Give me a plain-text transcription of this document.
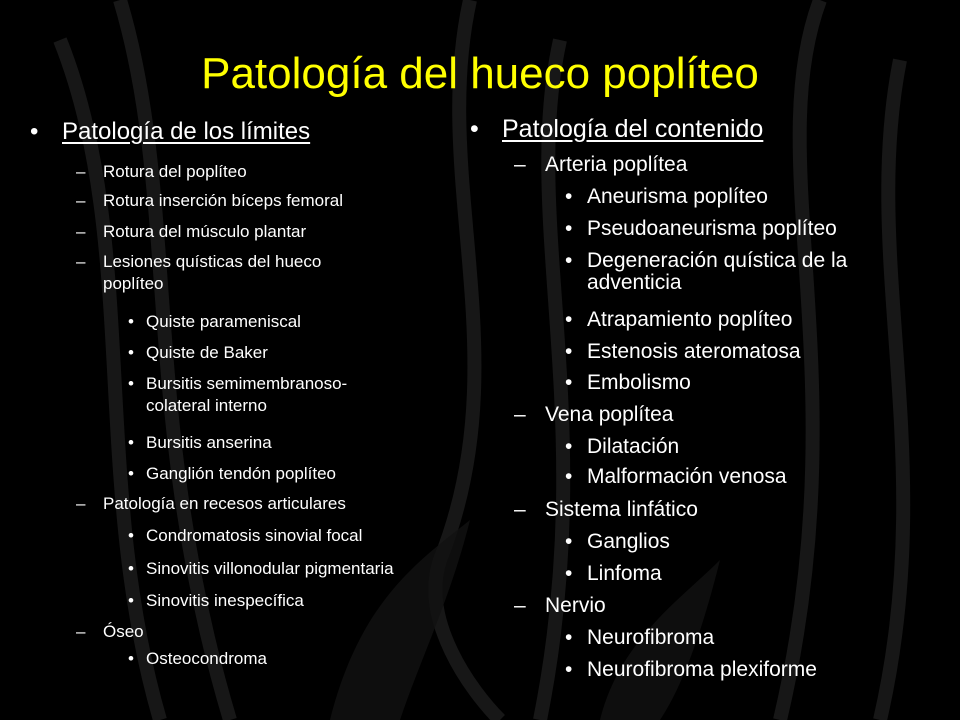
Patología del hueco poplíteo
• Patología de los límites
– Rotura del poplíteo
– Rotura inserción bíceps femoral
– Rotura del músculo plantar
– Lesiones quísticas del hueco
poplíteo
• Quiste parameniscal
• Quiste de Baker
• Bursitis semimembranoso-
colateral interno
• Bursitis anserina
• Ganglión tendón poplíteo
– Patología en recesos articulares
• Condromatosis sinovial focal
• Sinovitis villonodular pigmentaria
• Sinovitis inespecífica
– Óseo
• Osteocondroma
• Patología del contenido
– Arteria poplítea
• Aneurisma poplíteo
• Pseudoaneurisma poplíteo
• Degeneración quística de la
adventicia
• Atrapamiento poplíteo
• Estenosis ateromatosa
• Embolismo
– Vena poplítea
• Dilatación
• Malformación venosa
– Sistema linfático
• Ganglios
• Linfoma
– Nervio
• Neurofibroma
• Neurofibroma plexiforme
